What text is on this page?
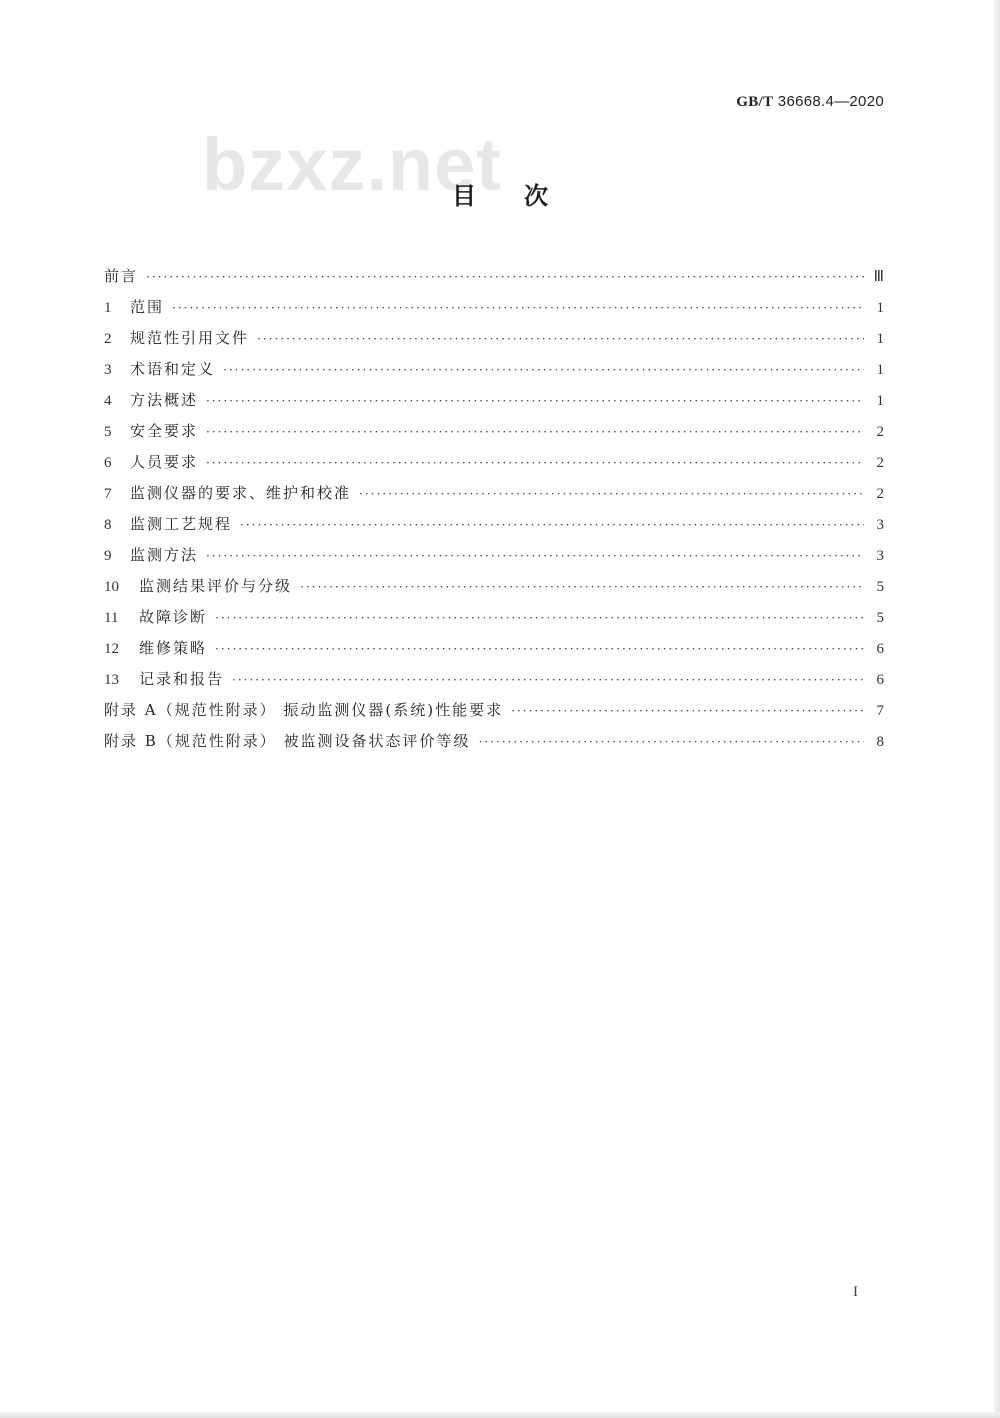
GB/T 36668.4—2020
bzxz.net
目次
前言 ·····	Ⅲ
1	范围 ·····	1
2	规范性引用文件 ·····	1
3	术语和定义 ·····	1
4	方法概述 ·····	1
5	安全要求 ·····	2
6	人员要求 ·····	2
7	监测仪器的要求、维护和校准 ·····	2
8	监测工艺规程 ·····	3
9	监测方法 ·····	3
10	监测结果评价与分级 ·····	5
11	故障诊断 ·····	5
12	维修策略 ·····	6
13	记录和报告 ·····	6
附录 A（规范性附录） 振动监测仪器(系统)性能要求 ·····	7
附录 B（规范性附录） 被监测设备状态评价等级 ·····	8
I
